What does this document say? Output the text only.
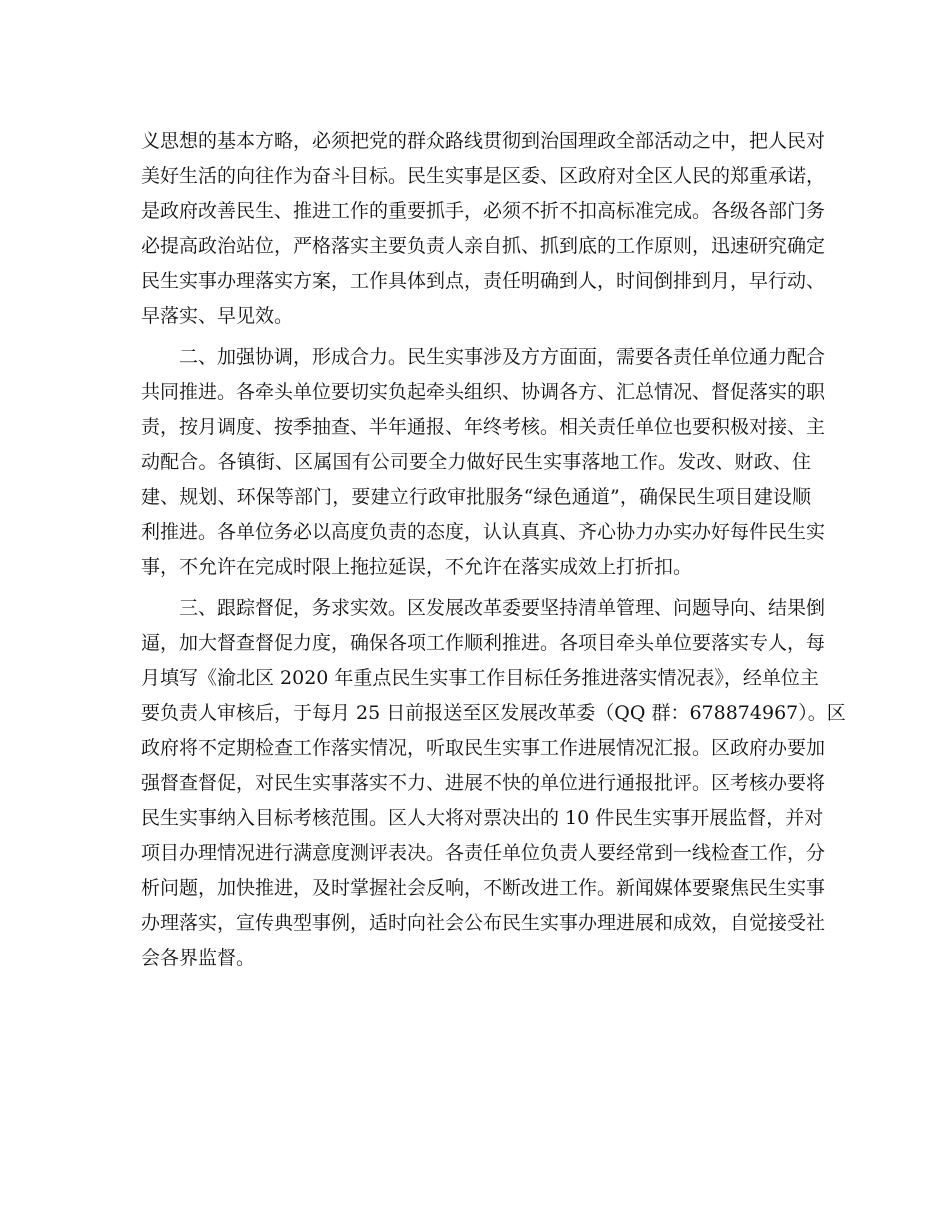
义思想的基本方略，必须把党的群众路线贯彻到治国理政全部活动之中，把人民对
美好生活的向往作为奋斗目标。民生实事是区委、区政府对全区人民的郑重承诺，
是政府改善民生、推进工作的重要抓手，必须不折不扣高标准完成。各级各部门务
必提高政治站位，严格落实主要负责人亲自抓、抓到底的工作原则，迅速研究确定
民生实事办理落实方案，工作具体到点，责任明确到人，时间倒排到月，早行动、
早落实、早见效。
二、加强协调，形成合力。民生实事涉及方方面面，需要各责任单位通力配合
共同推进。各牵头单位要切实负起牵头组织、协调各方、汇总情况、督促落实的职
责，按月调度、按季抽查、半年通报、年终考核。相关责任单位也要积极对接、主
动配合。各镇街、区属国有公司要全力做好民生实事落地工作。发改、财政、住
建、规划、环保等部门，要建立行政审批服务“绿色通道”，确保民生项目建设顺
利推进。各单位务必以高度负责的态度，认认真真、齐心协力办实办好每件民生实
事，不允许在完成时限上拖拉延误，不允许在落实成效上打折扣。
三、跟踪督促，务求实效。区发展改革委要坚持清单管理、问题导向、结果倒
逼，加大督查督促力度，确保各项工作顺利推进。各项目牵头单位要落实专人，每
月填写《渝北区 2020 年重点民生实事工作目标任务推进落实情况表》，经单位主
要负责人审核后，于每月 25 日前报送至区发展改革委（QQ 群：678874967）。区
政府将不定期检查工作落实情况，听取民生实事工作进展情况汇报。区政府办要加
强督查督促，对民生实事落实不力、进展不快的单位进行通报批评。区考核办要将
民生实事纳入目标考核范围。区人大将对票决出的 10 件民生实事开展监督，并对
项目办理情况进行满意度测评表决。各责任单位负责人要经常到一线检查工作，分
析问题，加快推进，及时掌握社会反响，不断改进工作。新闻媒体要聚焦民生实事
办理落实，宣传典型事例，适时向社会公布民生实事办理进展和成效，自觉接受社
会各界监督。
